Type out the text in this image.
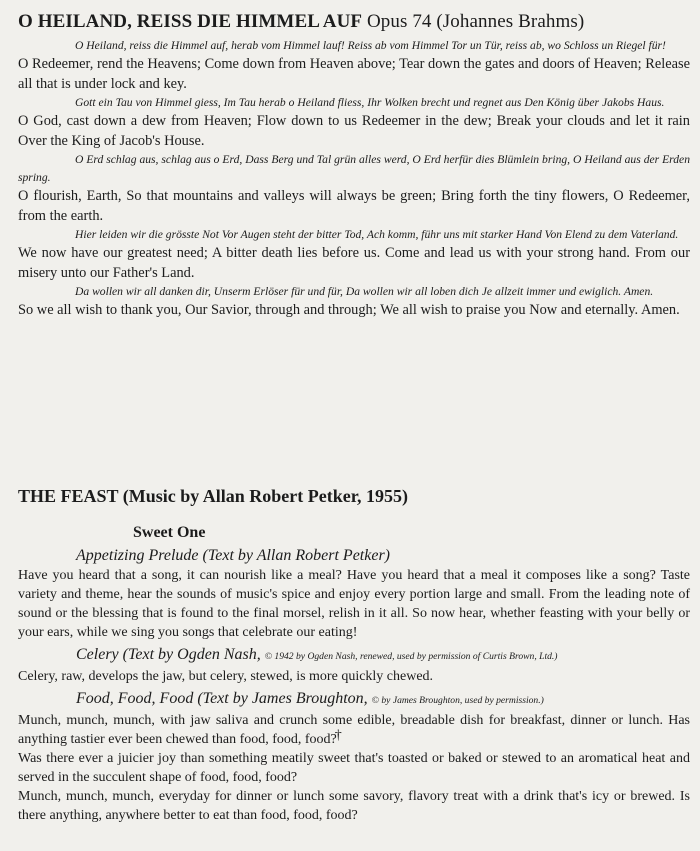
O HEILAND, REISS DIE HIMMEL AUF Opus 74 (Johannes Brahms)

O Heiland, reiss die Himmel auf, herab vom Himmel lauf! Reiss ab vom Himmel Tor un Tür, reiss ab, wo Schloss un Riegel für!

O Redeemer, rend the Heavens; Come down from Heaven above; Tear down the gates and doors of Heaven; Release all that is under lock and key.

Gott ein Tau von Himmel giess, Im Tau herab o Heiland fliess, Ihr Wolken brecht und regnet aus Den König über Jakobs Haus.

O God, cast down a dew from Heaven; Flow down to us Redeemer in the dew; Break your clouds and let it rain Over the King of Jacob's House.

O Erd schlag aus, schlag aus o Erd, Dass Berg und Tal grün alles werd, O Erd herfür dies Blümlein bring, O Heiland aus der Erden spring.

O flourish, Earth, So that mountains and valleys will always be green; Bring forth the tiny flowers, O Redeemer, from the earth.

Hier leiden wir die grösste Not Vor Augen steht der bitter Tod, Ach komm, führ uns mit starker Hand Von Elend zu dem Vaterland.

We now have our greatest need; A bitter death lies before us. Come and lead us with your strong hand. From our misery unto our Father's Land.

Da wollen wir all danken dir, Unserm Erlöser für und für, Da wollen wir all loben dich Je allzeit immer und ewiglich. Amen.

So we all wish to thank you, Our Savior, through and through; We all wish to praise you Now and eternally. Amen.

THE FEAST (Music by Allan Robert Petker, 1955)
Sweet One

Appetizing Prelude (Text by Allan Robert Petker)

Have you heard that a song, it can nourish like a meal? Have you heard that a meal it composes like a song? Taste variety and theme, hear the sounds of music's spice and enjoy every portion large and small. From the leading note of sound or the blessing that is found to the final morsel, relish in it all. So now hear, whether feasting with your belly or your ears, while we sing you songs that celebrate our eating!

Celery (Text by Ogden Nash, © 1942 by Ogden Nash, renewed, used by permission of Curtis Brown, Ltd.)

Celery, raw, develops the jaw, but celery, stewed, is more quickly chewed.

Food, Food, Food (Text by James Broughton, © by James Broughton, used by permission.)

Munch, munch, munch, with jaw saliva and crunch some edible, breadable dish for breakfast, dinner or lunch. Has anything tastier ever been chewed than food, food, food?†

Was there ever a juicier joy than something meatily sweet that's toasted or baked or stewed to an aromatical heat and served in the succulent shape of food, food, food?

Munch, munch, munch, everyday for dinner or lunch some savory, flavory treat with a drink that's icy or brewed. Is there anything, anywhere better to eat than food, food, food?
